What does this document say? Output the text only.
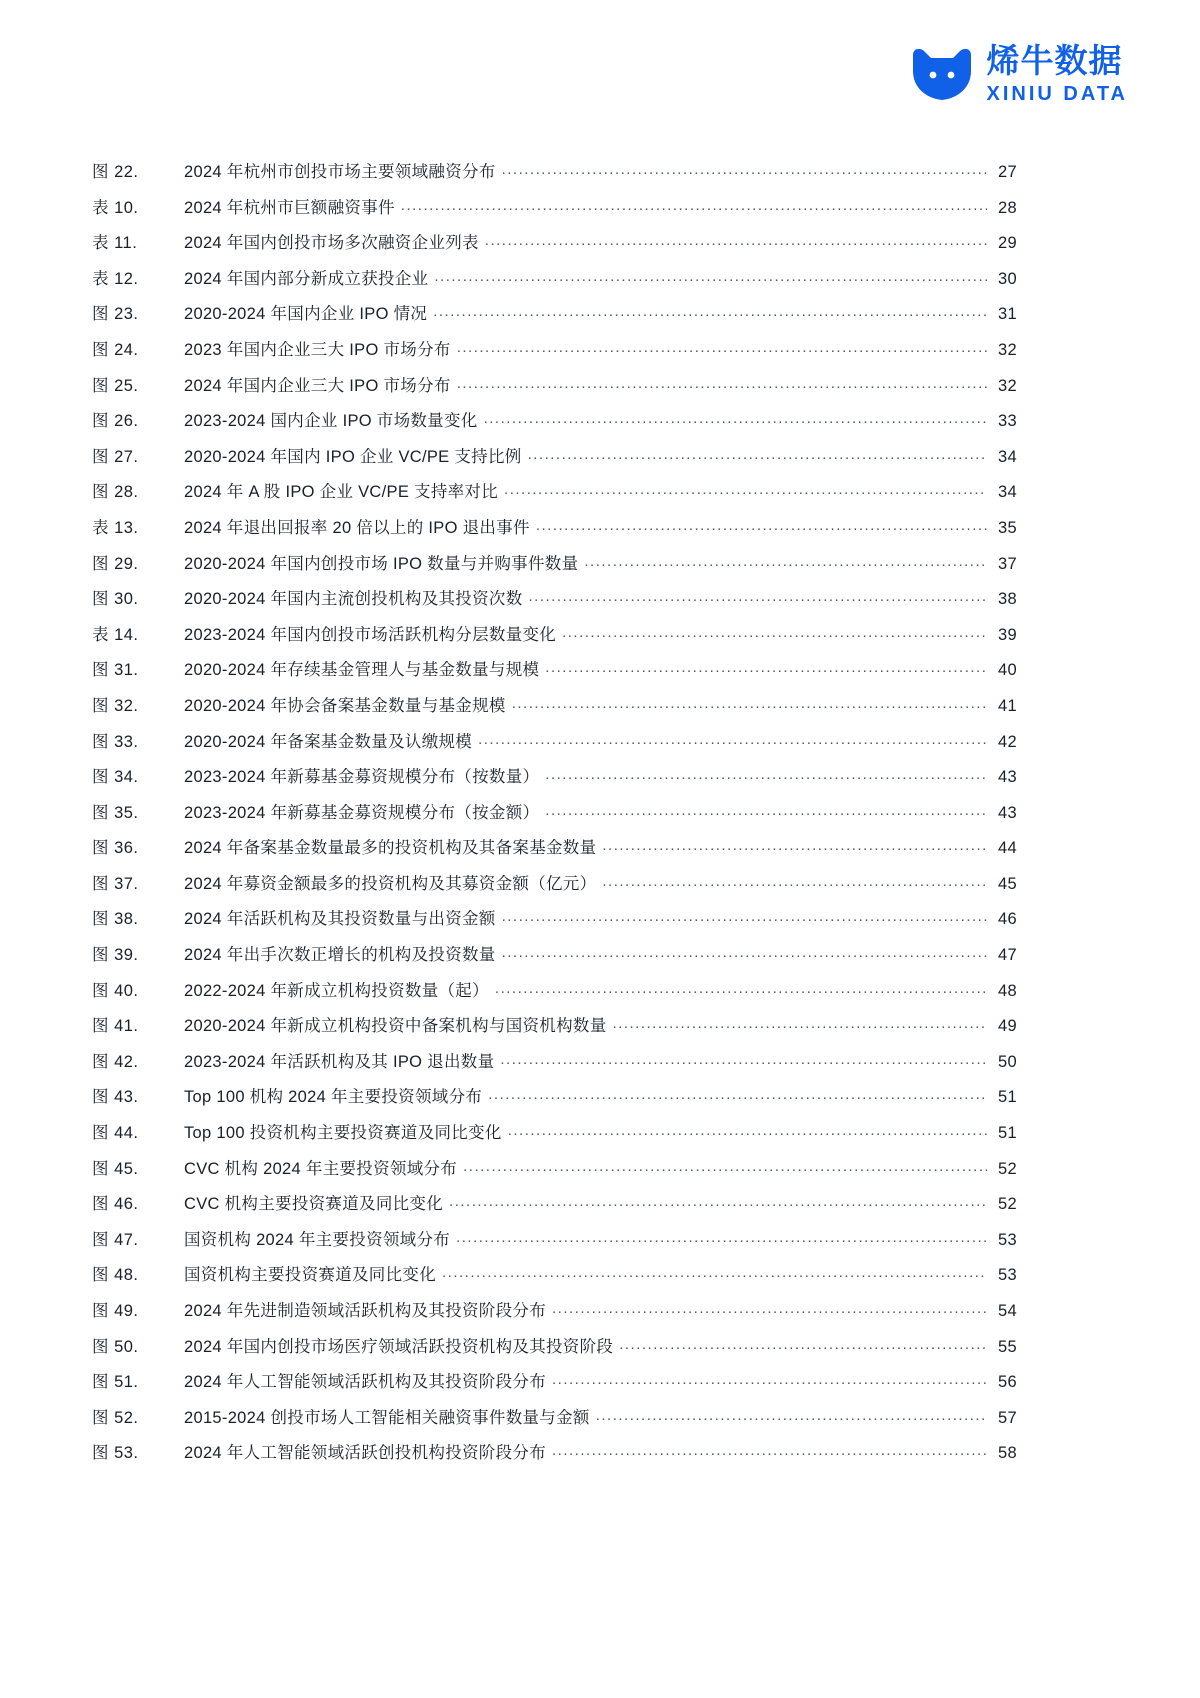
烯牛数据
XINIU DATA
图 22.	2024 年杭州市创投市场主要领域融资分布 .....	27
表 10.	2024 年杭州市巨额融资事件 .....	28
表 11.	2024 年国内创投市场多次融资企业列表 .....	29
表 12.	2024 年国内部分新成立获投企业 .....	30
图 23.	2020-2024 年国内企业 IPO 情况 .....	31
图 24.	2023 年国内企业三大 IPO 市场分布 .....	32
图 25.	2024 年国内企业三大 IPO 市场分布 .....	32
图 26.	2023-2024 国内企业 IPO 市场数量变化 .....	33
图 27.	2020-2024 年国内 IPO 企业 VC/PE 支持比例 .....	34
图 28.	2024 年 A 股 IPO 企业 VC/PE 支持率对比 .....	34
表 13.	2024 年退出回报率 20 倍以上的 IPO 退出事件 .....	35
图 29.	2020-2024 年国内创投市场 IPO 数量与并购事件数量 .....	37
图 30.	2020-2024 年国内主流创投机构及其投资次数 .....	38
表 14.	2023-2024 年国内创投市场活跃机构分层数量变化 .....	39
图 31.	2020-2024 年存续基金管理人与基金数量与规模 .....	40
图 32.	2020-2024 年协会备案基金数量与基金规模 .....	41
图 33.	2020-2024 年备案基金数量及认缴规模 .....	42
图 34.	2023-2024 年新募基金募资规模分布（按数量） .....	43
图 35.	2023-2024 年新募基金募资规模分布（按金额） .....	43
图 36.	2024 年备案基金数量最多的投资机构及其备案基金数量 .....	44
图 37.	2024 年募资金额最多的投资机构及其募资金额（亿元） .....	45
图 38.	2024 年活跃机构及其投资数量与出资金额 .....	46
图 39.	2024 年出手次数正增长的机构及投资数量 .....	47
图 40.	2022-2024 年新成立机构投资数量（起） .....	48
图 41.	2020-2024 年新成立机构投资中备案机构与国资机构数量 .....	49
图 42.	2023-2024 年活跃机构及其 IPO 退出数量 .....	50
图 43.	Top 100 机构 2024 年主要投资领域分布 .....	51
图 44.	Top 100 投资机构主要投资赛道及同比变化 .....	51
图 45.	CVC 机构 2024 年主要投资领域分布 .....	52
图 46.	CVC 机构主要投资赛道及同比变化 .....	52
图 47.	国资机构 2024 年主要投资领域分布 .....	53
图 48.	国资机构主要投资赛道及同比变化 .....	53
图 49.	2024 年先进制造领域活跃机构及其投资阶段分布 .....	54
图 50.	2024 年国内创投市场医疗领域活跃投资机构及其投资阶段 .....	55
图 51.	2024 年人工智能领域活跃机构及其投资阶段分布 .....	56
图 52.	2015-2024 创投市场人工智能相关融资事件数量与金额 .....	57
图 53.	2024 年人工智能领域活跃创投机构投资阶段分布 .....	58
